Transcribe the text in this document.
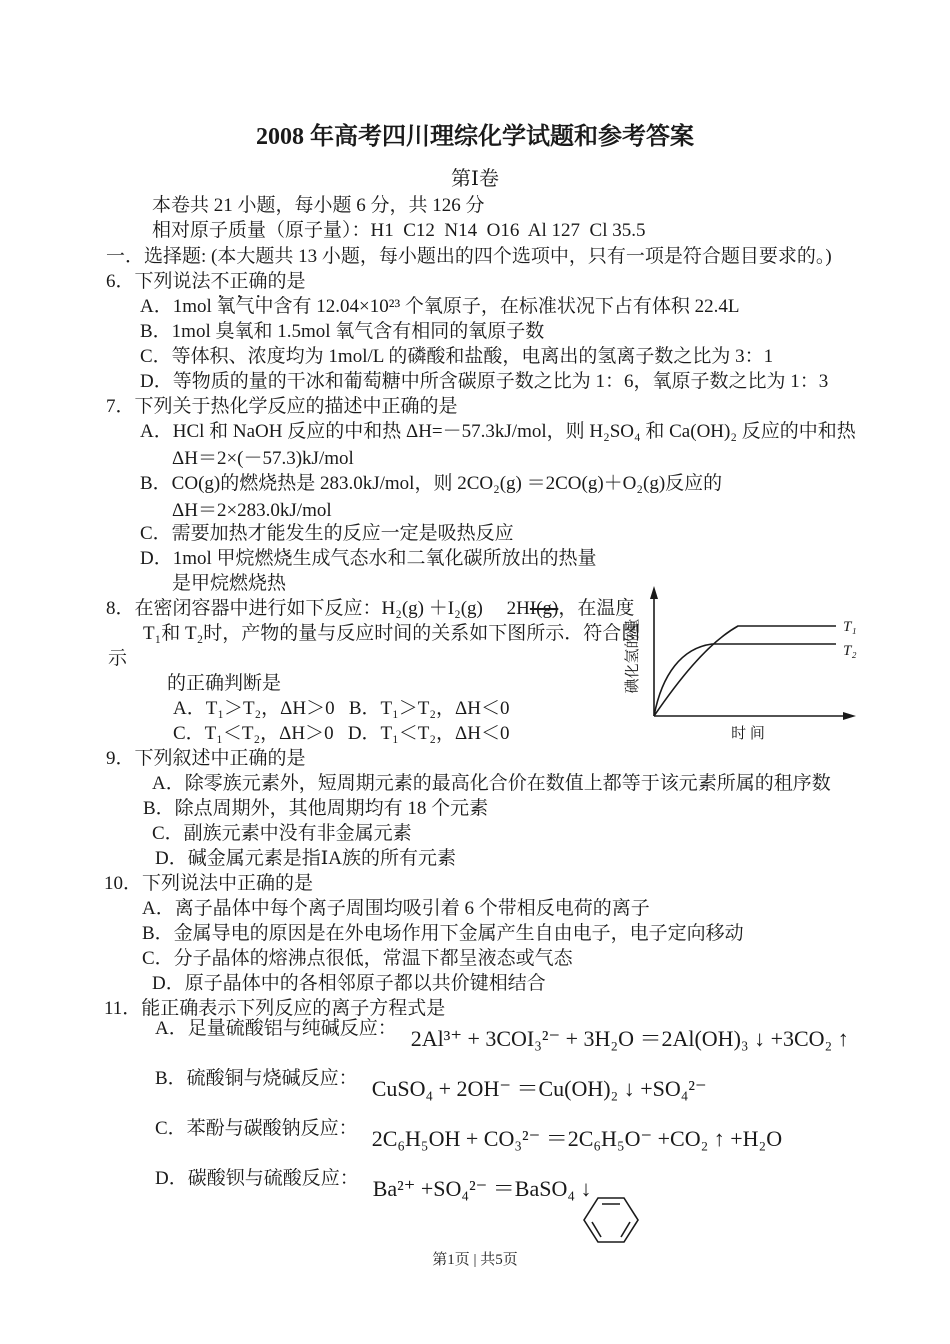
2008 年高考四川理综化学试题和参考答案
第Ⅰ卷
本卷共 21 小题，每小题 6 分，共 126 分
相对原子质量（原子量）：H1  C12  N14  O16  Al 127  Cl 35.5
一．选择题: (本大题共 13 小题，每小题出的四个选项中，只有一项是符合题目要求的。)
6．下列说法不正确的是
A．1mol 氧气中含有 12.04×10²³ 个氧原子，在标准状况下占有体积 22.4L
B．1mol 臭氧和 1.5mol 氧气含有相同的氧原子数
C．等体积、浓度均为 1mol/L 的磷酸和盐酸，电离出的氢离子数之比为 3：1
D．等物质的量的干冰和葡萄糖中所含碳原子数之比为 1：6，氧原子数之比为 1：3
7．下列关于热化学反应的描述中正确的是
A．HCl 和 NaOH 反应的中和热 ΔH=－57.3kJ/mol，则 H₂SO₄ 和 Ca(OH)₂ 反应的中和热
ΔH＝2×(－57.3)kJ/mol
B．CO(g)的燃烧热是 283.0kJ/mol，则 2CO₂(g) ＝2CO(g)＋O₂(g)反应的
ΔH＝2×283.0kJ/mol
C．需要加热才能发生的反应一定是吸热反应
D．1mol 甲烷燃烧生成气态水和二氧化碳所放出的热量
是甲烷燃烧热
8．在密闭容器中进行如下反应：H₂(g) ＋I₂(g)　 2HI(g)，在温度
T₁和 T₂时，产物的量与反应时间的关系如下图所示．符合图
示
的正确判断是
A．T₁＞T₂，ΔH＞0   B．T₁＞T₂，ΔH＜0
C．T₁＜T₂，ΔH＞0   D．T₁＜T₂，ΔH＜0
T₁
T₂
碘化氢的量
时 间
9．下列叙述中正确的是
A．除零族元素外，短周期元素的最高化合价在数值上都等于该元素所属的租序数
B．除点周期外，其他周期均有 18 个元素
C．副族元素中没有非金属元素
D．碱金属元素是指ⅠA族的所有元素
10．下列说法中正确的是
A．离子晶体中每个离子周围均吸引着 6 个带相反电荷的离子
B．金属导电的原因是在外电场作用下金属产生自由电子，电子定向移动
C．分子晶体的熔沸点很低，常温下都呈液态或气态
D．原子晶体中的各相邻原子都以共价键相结合
11．能正确表示下列反应的离子方程式是
A．足量硫酸铝与纯碱反应： 2Al³⁺ + 3COI₃²⁻ + 3H₂O ＝2Al(OH)₃ ↓ +3CO₂ ↑
B．硫酸铜与烧碱反应： CuSO₄ + 2OH⁻ ＝Cu(OH)₂ ↓ +SO₄²⁻
C．苯酚与碳酸钠反应： 2C₆H₅OH + CO₃²⁻ ＝2C₆H₅O⁻ +CO₂ ↑ +H₂O
D．碳酸钡与硫酸反应： Ba²⁺ +SO₄²⁻ ＝BaSO₄ ↓
第1页 | 共5页
